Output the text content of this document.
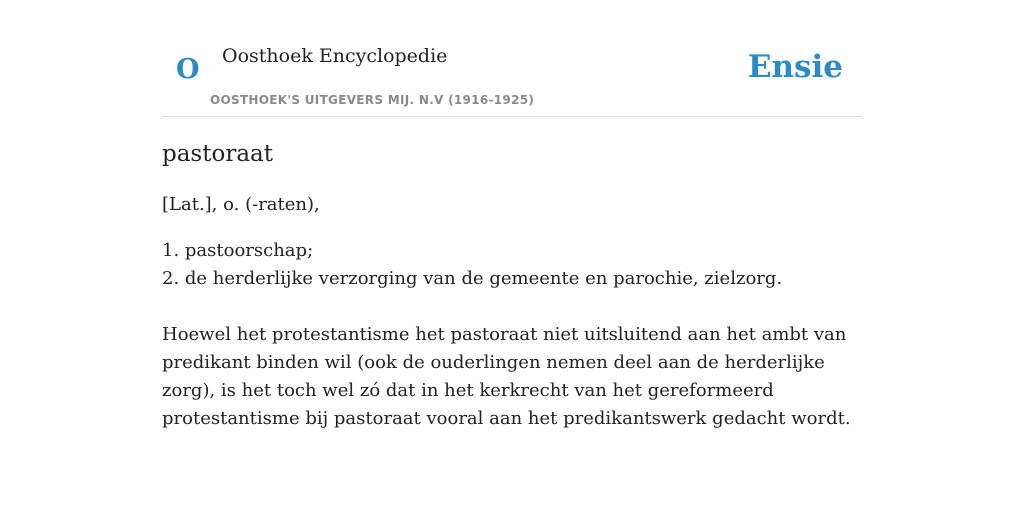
O Oosthoek Encyclopedie
OOSTHOEK'S UITGEVERS MIJ. N.V (1916-1925)
Ensie
pastoraat

[Lat.], o. (-raten),

1. pastoorschap;
2. de herderlijke verzorging van de gemeente en parochie, zielzorg.

Hoewel het protestantisme het pastoraat niet uitsluitend aan het ambt van predikant binden wil (ook de ouderlingen nemen deel aan de herderlijke zorg), is het toch wel zó dat in het kerkrecht van het gereformeerd protestantisme bij pastoraat vooral aan het predikantswerk gedacht wordt.
